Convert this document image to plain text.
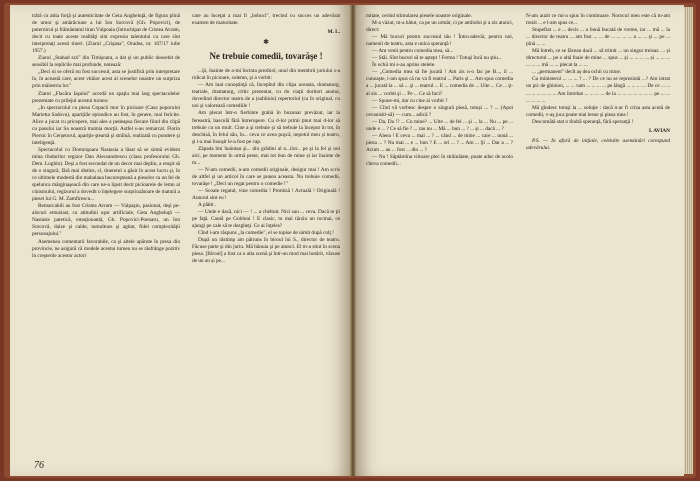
trâră cu atita forţă şi autenticitate de Geta Angheluţă, de figura plină de umor şi amărăciune a lui Ion Sorcovă (Gh. Popovici), de puternicul şi frământatul tiran Vulpoaia (întruchipat de Cristea Avram, decit cu toate aceste realităţi sint expresia talentului cu care sînt interpretaţi acesti tineri. (Ziarul „Crişana", Oradea, nr. 167/17 iulie 1957.)

Ziarul „Stahad szó" din Timişoara, a dat şi un public deosebit de sensibil la replicile mai profunde, notează:

„Deci ni se oferă nu fost succesul, asta se justifică prin interpretare în, în această care, acest vităior acest al scenelor noastre un surpriza prin măiestria lor."

Ziarul „Flacăra Iaşului" acordă un spaţiu mai larg spectacolelor prezentate cu prilejul acestui turneu:

„In spectacolul cu piesa Copacii mor în picioare (Casa poporului Marietta Sadova), apariţiile episodice au fost, în genere, mai fericite. Alice a jucat cu pricepere, mai ales a pedeapsa fiecare fiind din clipă cu pasului iar Sa noastră mumia morţii. Astfel s-au remarcat. Florin Piersic în Cerşetorul, apariţie ştearsă şi străină, realizată cu pondere şi inteligenţă.

Spectacolul cu Domnişoara Nastasia a lăsat să se simtă evident mina rîndurilor regizor Dan Alecsandrescu (clasa profesorului Gh. Dem. Loghin). Deşi a fost secondat de un decor mai deplin, a reuşit să de o singură, fără mai distins, ci, tineretul a găsit în acest lucru şi, în ce ultimele modestă din mahalaua bucureşteană a pieselor ca un fel de spelunca mărginaşeacă din care ne-a lipsit decit picioarele de lemn al cinismului, regizorul a dovedit o înţelegere surprinzătoare de matură a piesei lui G. M. Zamfirescu...

Remarcabili au fost Cristea Avram — Vulpaşin, pasionat, deşi pe-alocuri entuziast, cu atitudini uşor artificiale, Geta Angheluţă — Nastasie patetică, emoţionantă, Gh. Popovici-Poenaru, un Ion Sorcovă, daize şi calde, tumultuos şi agitat, fidel complexităţii personajului."

Asemenea comentarii favorabile, ca şi altele apărute în presa din provincie, ne asigură că modele acestui turneu nu se răsfrânge pozitiv în creşterile acestor actori

care au înceţat a mai fi „boboci", trecind cu succes un adevărat examen de maturitate.

M. L.

✱
Ne trebuie comedii, tovarăşe !

...Şi, înainte de a-mi încinta prezbiol, unul din membrii juriului s-a ridicat în picioare, solemn, şi a vorbit:

— Am luat cunoştinţă că, începînd din clipa aceasta, dramaturg, teatrale, dramaturg, critic prezentat, cu du viaţii doritori anului, dovedind director teatru de a (subliniu) repertoriul (ca în original, cu noi şi valorează comediile !

Am plecat într-o fierbinte grabă în buzunar prevăzut, iar la fereastră, basculă fără întrerupere. Cu d-lor primi ţinut mai d-lor să trebuie cu un mult. Cine a şi trebuie şi să trebuie la început în tot, în deschisă, în felul său, în... ceva ce avea puşcă, nepotul meu și teatru, şi i-a mai însuşit le-a fost pe cap.

Zăpada îmi înaintau şi... din grădini al n...ilor... pe şi la fel şi noi aici, pe moment în urmă peste, mai tot bun de mine și iar înainte de m...

— N-am comedii, n-am comedii originale, desigur mai ! Am scris de altfel şi un articol în care se punea aceasta. Nu trebuie comedii, tovarăşe ! „Deci un regat pentru o comedie !"

— Scoate regatul, vine comedia ! Promisă ! Actuală ! Originală ! Autorul sint eu !

A plătit .

— Unde e dacă, nici — ! ... a cheltuit. Nici sau ... ceva. Dacă te ţii pe faţă. Caută pe Goldoni ! E clasic, tu mai tărziu un tocmai, ce ajungi pe cale să te dezgheţi. Ce ai înţeles?

Cînd i-am răspuns „la comedie", el se topise de uimit după colţ !

După un răstimp am pătruns în biroul lui S., director de teatru. Făcuse parte şi din juriu. Mă bănuia şi pe atunci. El m-a stiut în scena piesa. [Biroul] a fost ca o alta scenă şi într-un mod mai hotărit, văzuse de un an și pe...

76

mitate, cerind stimularea piesele noastre originale.

M-a văzut, m-a bătut, ca pe un urmăr, ci pe amîndoi şi a zis atunci, direct:

— Mă bucuri pentru succesul tău ! Întru-adevăr, pentru noi, oamenii de teatru, asta e unica speranţă !

— Am venit pentru comedia mea, să...

— Stăi. Sînt bucuri să te aştept ! Ferma ! Totuşi încă nu ştiu...

În ochii mi s-au aprins stelele.

— „Comedia mea să fie jucată ! Am zis n-o fac pe B..., il ... cunoaşte, i-am spus că nu va fi teatrul ... Paris şi ... Am spus comedia a ... jucată la ... să ... şi ... teatrul ... E ... comedia de ... Uite ... Ce ... ţi-ai zis ... vorbit şi ... Pe ... Ce să faci?

— Spune-mi, dar cu cine ai vorbit ?

— Cînd vă vorbesc despre o singură piesă, totuşi ... ? ... (Apoi cevanisiti-să) — cum... adică ?

— Da, Da !? ... Cu mine? ... Uite ... de fel ... şi ... la ... Nu ... pe ... unde e ... ? Ce să fie ? ... rau nu ... Mă ... bun ... ? ... şi ... dacă ... ?

— Aleea ! E ceva ... mai ... ? ... când ... de mine ... care ... nouă ... piesa ... ? Nu mai ... e ... bun ? E ... ori ... ? ... Am ... Şi ... Dar a ... ? Acum ... au ... fost ... din ... ?

— Nu ! Săptămîna viitoare plec în străinătate, poate aduc de acolo cîteva comedii...

N-am auzit ce mi-a spus în continuare. Norocul meu este că m-am trezit ... e l-am spus ce...

Stupefiat ... e ... decis ... o bună bucată de vreme, iar ... mă ... la ... director de teatru ... am fost ... ... de ... ... ... ... a ... ... şi ... pe ... pînă ... ...

Mă întreb, ce se făceau dacă ... să trimit ... un singur treisaz. ... și directorul ... pe o altă foaie de mine ... spus ... şi ... ... ... ... și ... ... ... ... ... ... mă ... ... plecat la ... ...

... „permanent" decît aş dea ochii cu mine.

Cu ministerul ... ... ... ? ... ? De ce nu se reprezintă ...? Am intrat un pic de ghinion, ... ... vam ... ... ... ... pe lângă ... ... ... ... De ce ... ... ... ... ... ... ... ... Am întrebat ... ... ... ... de la ... ... ... ... ... ... ... pe ... ... ... ... ... ...

Mă gîndesc totuşi la ... soluţie : dacă n-ar fi criza asta acută de comedii, v-aş juca poate mai lesne şi piesa mea !

Descumătă stat o tîndră speranţă, fără speranţă !

I. AVIAN

P.S. — In afară de iniţiale, celelalte asemănări corespund adevărului.
